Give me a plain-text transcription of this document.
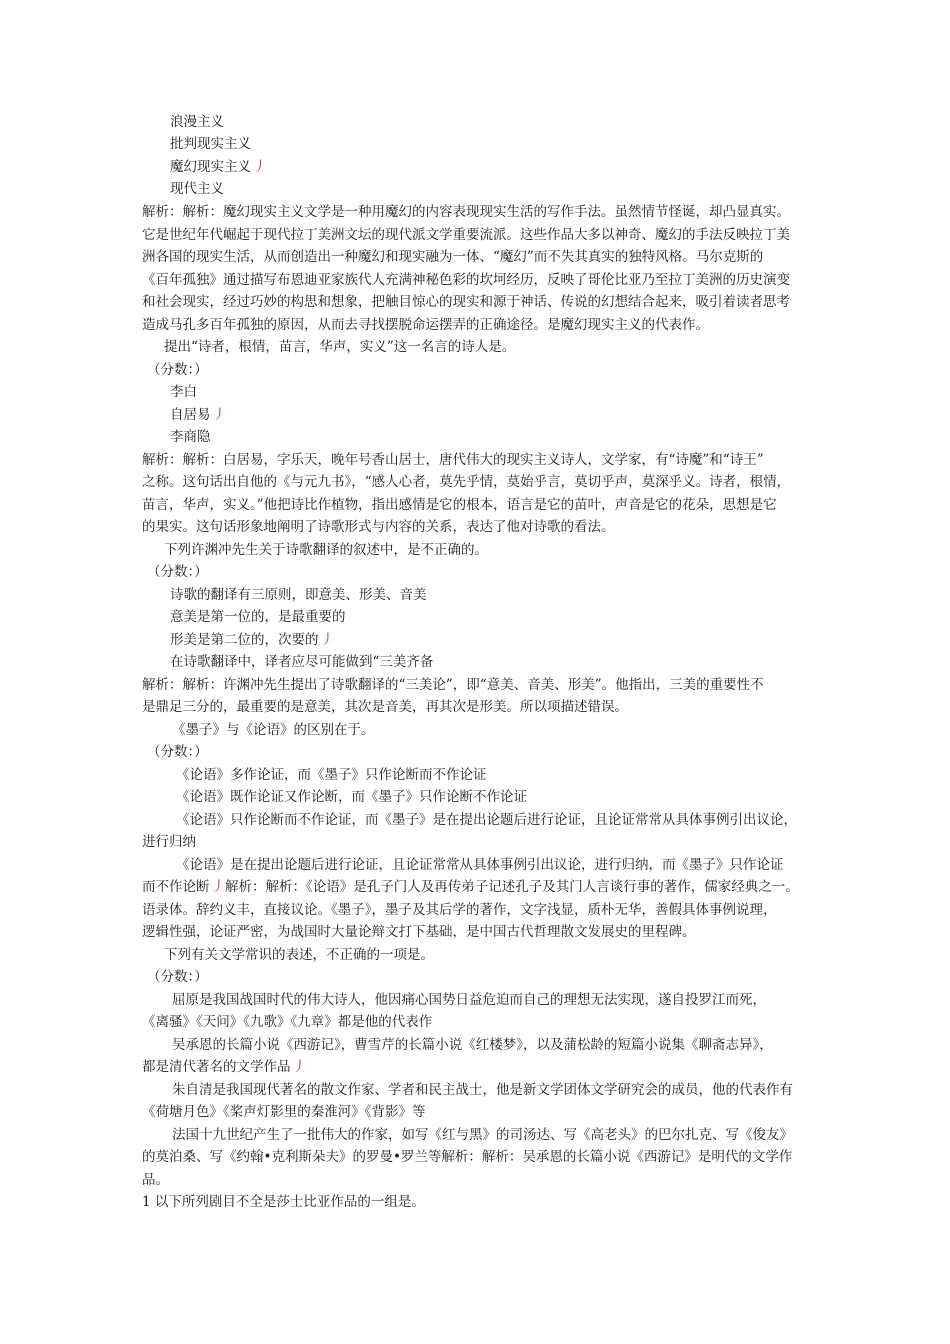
浪漫主义
批判现实主义
魔幻现实主义 丿
现代主义
解析：解析：魔幻现实主义文学是一种用魔幻的内容表现现实生活的写作手法。虽然情节怪诞，却凸显真实。
它是世纪年代崛起于现代拉丁美洲文坛的现代派文学重要流派。这些作品大多以神奇、魔幻的手法反映拉丁美
洲各国的现实生活，从而创造出一种魔幻和现实融为一体、“魔幻”而不失其真实的独特风格。马尔克斯的
《百年孤独》通过描写布恩迪亚家族代人充满神秘色彩的坎坷经历，反映了哥伦比亚乃至拉丁美洲的历史演变
和社会现实，经过巧妙的构思和想象，把触目惊心的现实和源于神话、传说的幻想结合起来，吸引着读者思考
造成马孔多百年孤独的原因，从而去寻找摆脱命运摆弄的正确途径。是魔幻现实主义的代表作。
提出“诗者，根情，苗言，华声，实义”这一名言的诗人是。
（分数：）
李白
自居易 丿
李商隐
解析：解析：白居易，字乐天，晚年号香山居士，唐代伟大的现实主义诗人，文学家，有“诗魔”和“诗王”
之称。这句话出自他的《与元九书》，“感人心者，莫先乎情，莫始乎言，莫切乎声，莫深乎义。诗者，根情，
苗言，华声，实义。”他把诗比作植物，指出感情是它的根本，语言是它的苗叶，声音是它的花朵，思想是它
的果实。这句话形象地阐明了诗歌形式与内容的关系，表达了他对诗歌的看法。
下列许渊冲先生关于诗歌翻译的叙述中，是不正确的。
（分数：）
诗歌的翻译有三原则，即意美、形美、音美
意美是第一位的，是最重要的
形美是第二位的，次要的 丿
在诗歌翻译中，译者应尽可能做到“三美齐备
解析：解析：许渊冲先生提出了诗歌翻译的“三美论”，即“意美、音美、形美”。他指出，三美的重要性不
是鼎足三分的，最重要的是意美，其次是音美，再其次是形美。所以项描述错误。
《墨子》与《论语》的区别在于。
（分数：）
《论语》多作论证，而《墨子》只作论断而不作论证
《论语》既作论证又作论断，而《墨子》只作论断不作论证
《论语》只作论断而不作论证，而《墨子》是在提出论题后进行论证，且论证常常从具体事例引出议论，
进行归纳
《论语》是在提出论题后进行论证，且论证常常从具体事例引出议论，进行归纳，而《墨子》只作论证
而不作论断 丿解析：解析：《论语》是孔子门人及再传弟子记述孔子及其门人言谈行事的著作，儒家经典之一。
语录体。辞约义丰，直接议论。《墨子》，墨子及其后学的著作，文字浅显，质朴无华，善假具体事例说理，
逻辑性强，论证严密，为战国时大量论辩文打下基础，是中国古代哲理散文发展史的里程碑。
下列有关文学常识的表述，不正确的一项是。
（分数：）
屈原是我国战国时代的伟大诗人，他因痛心国势日益危迫而自己的理想无法实现，遂自投罗江而死，
《离骚》《天问》《九歌》《九章》都是他的代表作
吴承恩的长篇小说《西游记》，曹雪芹的长篇小说《红楼梦》，以及蒲松龄的短篇小说集《聊斋志异》，
都是清代著名的文学作品 丿
朱自清是我国现代著名的散文作家、学者和民主战士，他是新文学团体文学研究会的成员，他的代表作有
《荷塘月色》《桨声灯影里的秦淮河》《背影》等
法国十九世纪产生了一批伟大的作家，如写《红与黑》的司汤达、写《高老头》的巴尔扎克、写《俊友》
的莫泊桑、写《约翰•克利斯朵夫》的罗曼•罗兰等解析：解析：吴承恩的长篇小说《西游记》是明代的文学作
品。
1 以下所列剧目不全是莎士比亚作品的一组是。
